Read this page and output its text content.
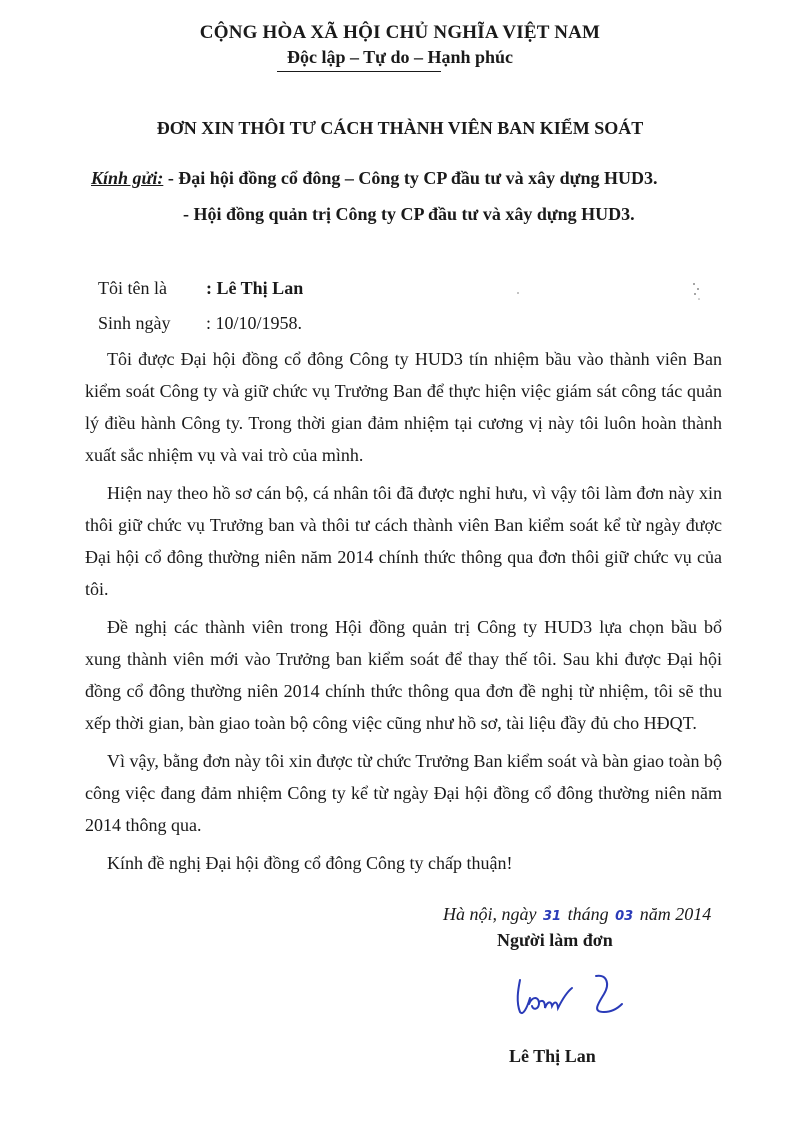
CỘNG HÒA XÃ HỘI CHỦ NGHĨA VIỆT NAM
Độc lập – Tự do – Hạnh phúc
ĐƠN XIN THÔI TƯ CÁCH THÀNH VIÊN BAN KIỂM SOÁT
Kính gửi: - Đại hội đồng cổ đông – Công ty CP đầu tư và xây dựng HUD3.
- Hội đồng quản trị Công ty CP đầu tư và xây dựng HUD3.
Tôi tên là : Lê Thị Lan
Sinh ngày : 10/10/1958.

Tôi được Đại hội đồng cổ đông Công ty HUD3 tín nhiệm bầu vào thành viên Ban kiểm soát Công ty và giữ chức vụ Trưởng Ban để thực hiện việc giám sát công tác quản lý điều hành Công ty. Trong thời gian đảm nhiệm tại cương vị này tôi luôn hoàn thành xuất sắc nhiệm vụ và vai trò của mình.

Hiện nay theo hồ sơ cán bộ, cá nhân tôi đã được nghỉ hưu, vì vậy tôi làm đơn này xin thôi giữ chức vụ Trưởng ban và thôi tư cách thành viên Ban kiểm soát kể từ ngày được Đại hội cổ đông thường niên năm 2014 chính thức thông qua đơn thôi giữ chức vụ của tôi.

Đề nghị các thành viên trong Hội đồng quản trị Công ty HUD3 lựa chọn bầu bổ xung thành viên mới vào Trưởng ban kiểm soát để thay thế tôi. Sau khi được Đại hội đồng cổ đông thường niên 2014 chính thức thông qua đơn đề nghị từ nhiệm, tôi sẽ thu xếp thời gian, bàn giao toàn bộ công việc cũng như hồ sơ, tài liệu đầy đủ cho HĐQT.

Vì vậy, bằng đơn này tôi xin được từ chức Trưởng Ban kiểm soát và bàn giao toàn bộ công việc đang đảm nhiệm Công ty kể từ ngày Đại hội đồng cổ đông thường niên năm 2014 thông qua.

Kính đề nghị Đại hội đồng cổ đông Công ty chấp thuận!

Hà nội, ngày 31 tháng 03 năm 2014
Người làm đơn
Lê Thị Lan
